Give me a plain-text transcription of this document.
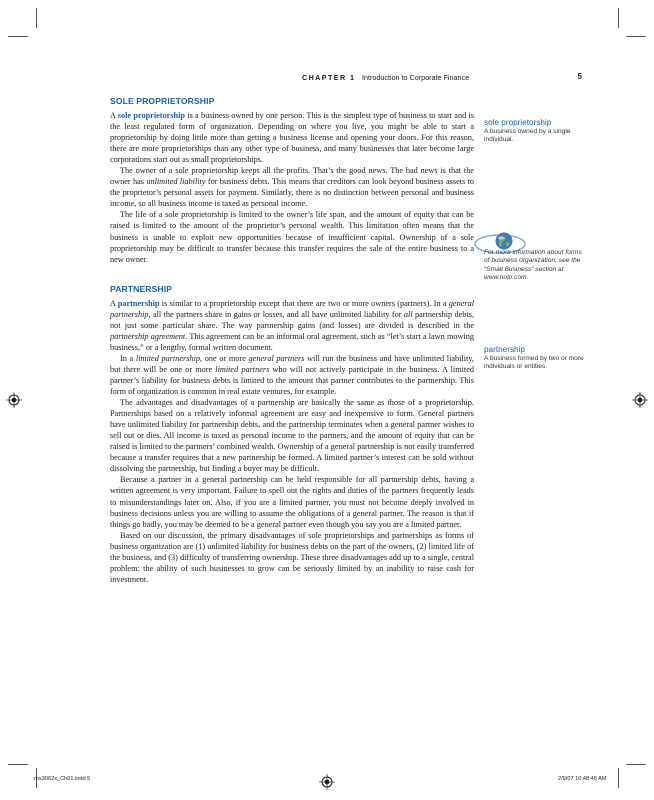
CHAPTER 1 Introduction to Corporate Finance	5
SOLE PROPRIETORSHIP

A sole proprietorship is a business owned by one person. This is the simplest type of business to start and is the least regulated form of organization. Depending on where you live, you might be able to start a proprietorship by doing little more than getting a business license and opening your doors. For this reason, there are more proprietorships than any other type of business, and many businesses that later become large corporations start out as small proprietorships.

The owner of a sole proprietorship keeps all the profits. That’s the good news. The bad news is that the owner has unlimited liability for business debts. This means that creditors can look beyond business assets to the proprietor’s personal assets for payment. Similarly, there is no distinction between personal and business income, so all business income is taxed as personal income.

The life of a sole proprietorship is limited to the owner’s life span, and the amount of equity that can be raised is limited to the amount of the proprietor’s personal wealth. This limitation often means that the business is unable to exploit new opportunities because of insufficient capital. Ownership of a sole proprietorship may be difficult to transfer because this transfer requires the sale of the entire business to a new owner.

PARTNERSHIP

A partnership is similar to a proprietorship except that there are two or more owners (partners). In a general partnership, all the partners share in gains or losses, and all have unlimited liability for all partnership debts, not just some particular share. The way partnership gains (and losses) are divided is described in the partnership agreement. This agreement can be an informal oral agreement, such as “let’s start a lawn mowing business,” or a lengthy, formal written document.

In a limited partnership, one or more general partners will run the business and have unlimited liability, but there will be one or more limited partners who will not actively participate in the business. A limited partner’s liability for business debts is limited to the amount that partner contributes to the partnership. This form of organization is common in real estate ventures, for example.

The advantages and disadvantages of a partnership are basically the same as those of a proprietorship. Partnerships based on a relatively informal agreement are easy and inexpensive to form. General partners have unlimited liability for partnership debts, and the partnership terminates when a general partner wishes to sell out or dies. All income is taxed as personal income to the partners, and the amount of equity that can be raised is limited to the partners’ combined wealth. Ownership of a general partnership is not easily transferred because a transfer requires that a new partnership be formed. A limited partner’s interest can be sold without dissolving the partnership, but finding a buyer may be difficult.

Because a partner in a general partnership can be held responsible for all partnership debts, having a written agreement is very important. Failure to spell out the rights and duties of the partners frequently leads to misunderstandings later on. Also, if you are a limited partner, you must not become deeply involved in business decisions unless you are willing to assume the obligations of a general partner. The reason is that if things go badly, you may be deemed to be a general partner even though you say you are a limited partner.

Based on our discussion, the primary disadvantages of sole proprietorships and partnerships as forms of business organization are (1) unlimited liability for business debts on the part of the owners, (2) limited life of the business, and (3) difficulty of transferring ownership. These three disadvantages add up to a single, central problem: the ability of such businesses to grow can be seriously limited by an inability to raise cash for investment.

sole proprietorship
A business owned by a single individual.
For more information about forms of business organization, see the “Small Business” section at www.nolo.com.
partnership
A business formed by two or more individuals or entities.
ros3062x_Ch01.indd 5	2/9/07 10:48:48 AM
